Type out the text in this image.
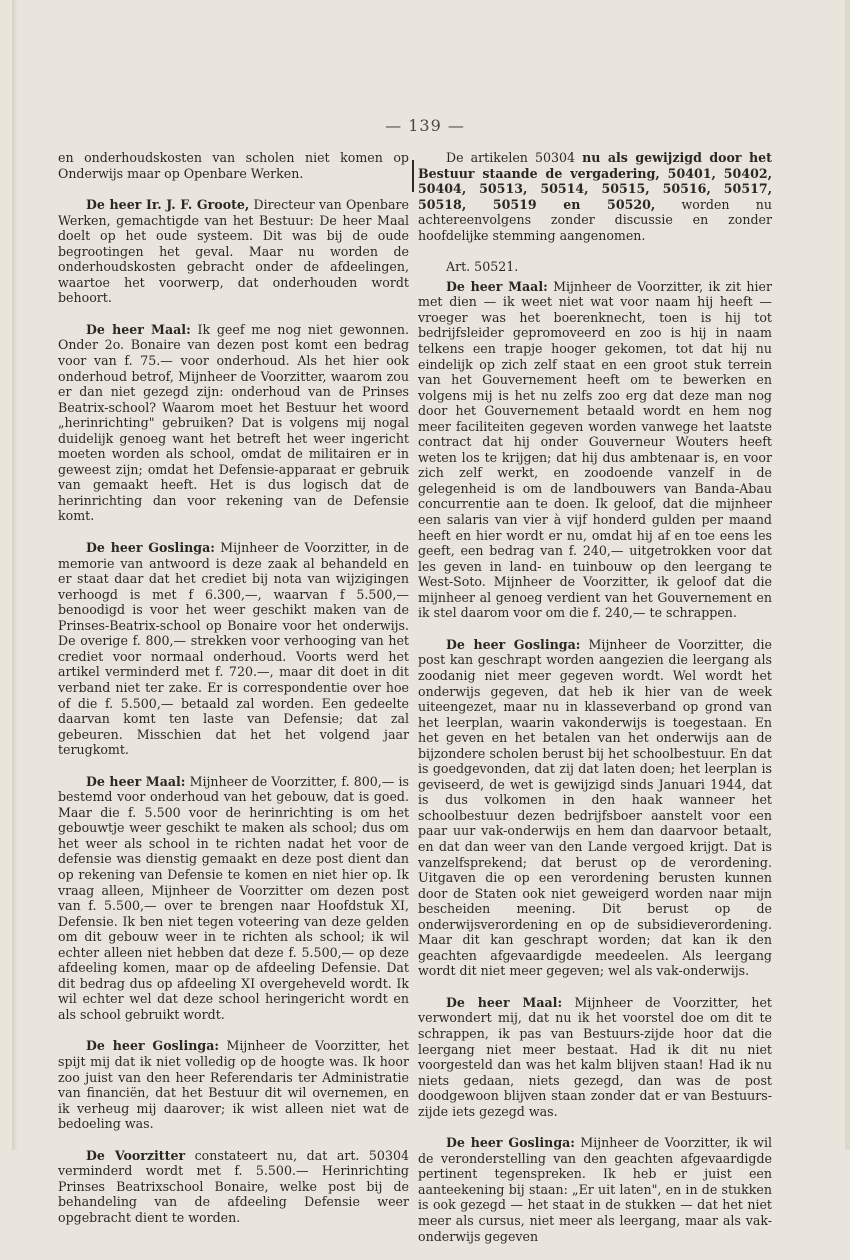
— 139 —

en onderhoudskosten van scholen niet komen op Onderwijs maar op Openbare Werken.

De heer Ir. J. F. Groote, Directeur van Openbare Werken, gemachtigde van het Bestuur: De heer Maal doelt op het oude systeem. Dit was bij de oude begrootingen het geval. Maar nu worden de onderhoudskosten gebracht onder de afdeelingen, waartoe het voorwerp, dat onderhouden wordt behoort.

De heer Maal: Ik geef me nog niet gewonnen. Onder 2o. Bonaire van dezen post komt een bedrag voor van f. 75.— voor onderhoud. Als het hier ook onderhoud betrof, Mijnheer de Voorzitter, waarom zou er dan niet gezegd zijn: onderhoud van de Prinses Beatrix-school? Waarom moet het Bestuur het woord „herinrichting" gebruiken? Dat is volgens mij nogal duidelijk genoeg want het betreft het weer ingericht moeten worden als school, omdat de militairen er in geweest zijn; omdat het Defensie-apparaat er gebruik van gemaakt heeft. Het is dus logisch dat de herinrichting dan voor rekening van de Defensie komt.

De heer Goslinga: Mijnheer de Voorzitter, in de memorie van antwoord is deze zaak al behandeld en er staat daar dat het crediet bij nota van wijzigingen verhoogd is met f 6.300,—, waarvan f 5.500,— benoodigd is voor het weer geschikt maken van de Prinses-Beatrix-school op Bonaire voor het onderwijs. De overige f. 800,— strekken voor verhooging van het crediet voor normaal onderhoud. Voorts werd het artikel verminderd met f. 720.—, maar dit doet in dit verband niet ter zake. Er is correspondentie over hoe of die f. 5.500,— betaald zal worden. Een gedeelte daarvan komt ten laste van Defensie; dat zal gebeuren. Misschien dat het het volgend jaar terugkomt.

De heer Maal: Mijnheer de Voorzitter, f. 800,— is bestemd voor onderhoud van het gebouw, dat is goed. Maar die f. 5.500 voor de herinrichting is om het gebouwtje weer geschikt te maken als school; dus om het weer als school in te richten nadat het voor de defensie was dienstig gemaakt en deze post dient dan op rekening van Defensie te komen en niet hier op. Ik vraag alleen, Mijnheer de Voorzitter om dezen post van f. 5.500,— over te brengen naar Hoofdstuk XI, Defensie. Ik ben niet tegen voteering van deze gelden om dit gebouw weer in te richten als school; ik wil echter alleen niet hebben dat deze f. 5.500,— op deze afdeeling komen, maar op de afdeeling Defensie. Dat dit bedrag dus op afdeeling XI overgeheveld wordt. Ik wil echter wel dat deze school heringericht wordt en als school gebruikt wordt.

De heer Goslinga: Mijnheer de Voorzitter, het spijt mij dat ik niet volledig op de hoogte was. Ik hoor zoo juist van den heer Referendaris ter Administratie van financiën, dat het Bestuur dit wil overnemen, en ik verheug mij daarover; ik wist alleen niet wat de bedoeling was.

De Voorzitter constateert nu, dat art. 50304 verminderd wordt met f. 5.500.— Herinrichting Prinses Beatrixschool Bonaire, welke post bij de behandeling van de afdeeling Defensie weer opgebracht dient te worden.

De artikelen 50304 nu als gewijzigd door het Bestuur staande de vergadering, 50401, 50402, 50404, 50513, 50514, 50515, 50516, 50517, 50518, 50519 en 50520, worden nu achtereenvolgens zonder discussie en zonder hoofdelijke stemming aangenomen.

Art. 50521.

De heer Maal: Mijnheer de Voorzitter, ik zit hier met dien — ik weet niet wat voor naam hij heeft — vroeger was het boerenknecht, toen is hij tot bedrijfsleider gepromoveerd en zoo is hij in naam telkens een trapje hooger gekomen, tot dat hij nu eindelijk op zich zelf staat en een groot stuk terrein van het Gouvernement heeft om te bewerken en volgens mij is het nu zelfs zoo erg dat deze man nog door het Gouvernement betaald wordt en hem nog meer faciliteiten gegeven worden vanwege het laatste contract dat hij onder Gouverneur Wouters heeft weten los te krijgen; dat hij dus ambtenaar is, en voor zich zelf werkt, en zoodoende vanzelf in de gelegenheid is om de landbouwers van Banda-Abau concurrentie aan te doen. Ik geloof, dat die mijnheer een salaris van vier à vijf honderd gulden per maand heeft en hier wordt er nu, omdat hij af en toe eens les geeft, een bedrag van f. 240,— uitgetrokken voor dat les geven in land- en tuinbouw op den leergang te West-Soto. Mijnheer de Voorzitter, ik geloof dat die mijnheer al genoeg verdient van het Gouvernement en ik stel daarom voor om die f. 240,— te schrappen.

De heer Goslinga: Mijnheer de Voorzitter, die post kan geschrapt worden aangezien die leergang als zoodanig niet meer gegeven wordt. Wel wordt het onderwijs gegeven, dat heb ik hier van de week uiteengezet, maar nu in klasseverband op grond van het leerplan, waarin vakonderwijs is toegestaan. En het geven en het betalen van het onderwijs aan de bijzondere scholen berust bij het schoolbestuur. En dat is goedgevonden, dat zij dat laten doen; het leerplan is geviseerd, de wet is gewijzigd sinds Januari 1944, dat is dus volkomen in den haak wanneer het schoolbestuur dezen bedrijfsboer aanstelt voor een paar uur vak-onderwijs en hem dan daarvoor betaalt, en dat dan weer van den Lande vergoed krijgt. Dat is vanzelfsprekend; dat berust op de verordening. Uitgaven die op een verordening berusten kunnen door de Staten ook niet geweigerd worden naar mijn bescheiden meening. Dit berust op de onderwijsverordening en op de subsidieverordening. Maar dit kan geschrapt worden; dat kan ik den geachten afgevaardigde meedeelen. Als leergang wordt dit niet meer gegeven; wel als vak-onderwijs.

De heer Maal: Mijnheer de Voorzitter, het verwondert mij, dat nu ik het voorstel doe om dit te schrappen, ik pas van Bestuurs-zijde hoor dat die leergang niet meer bestaat. Had ik dit nu niet voorgesteld dan was het kalm blijven staan! Had ik nu niets gedaan, niets gezegd, dan was de post doodgewoon blijven staan zonder dat er van Bestuurs-zijde iets gezegd was.

De heer Goslinga: Mijnheer de Voorzitter, ik wil de veronderstelling van den geachten afgevaardigde pertinent tegenspreken. Ik heb er juist een aanteekening bij staan: „Er uit laten", en in de stukken is ook gezegd — het staat in de stukken — dat het niet meer als cursus, niet meer als leergang, maar als vak-onderwijs gegeven
